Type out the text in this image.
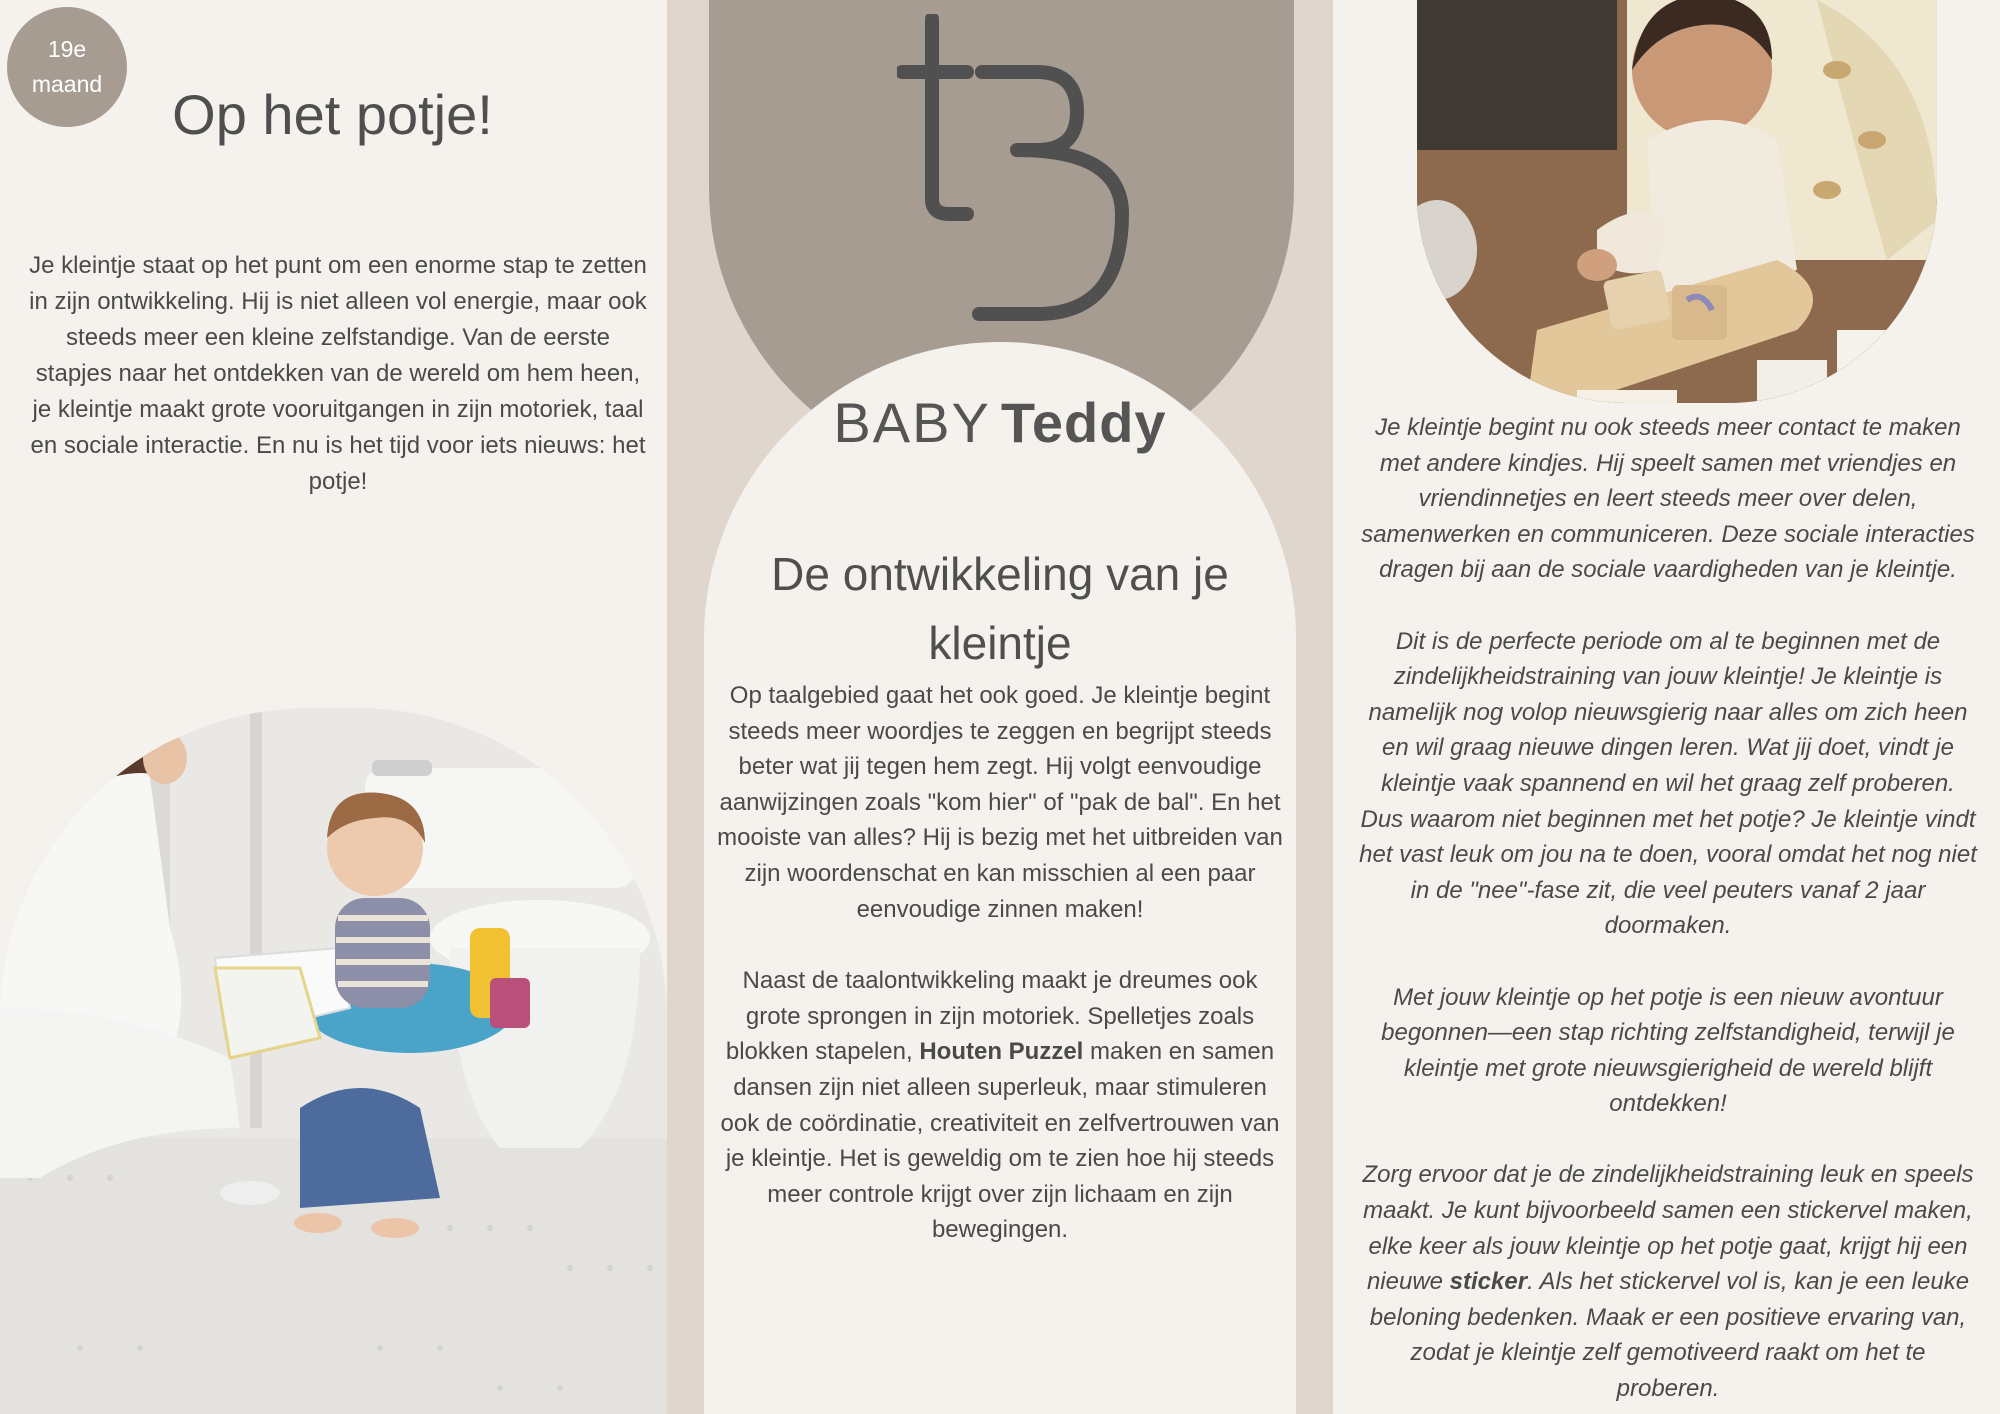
19e
maand	Op het potje!

Je kleintje staat op het punt om een enorme stap te zetten in zijn ontwikkeling. Hij is niet alleen vol energie, maar ook steeds meer een kleine zelfstandige. Van de eerste stapjes naar het ontdekken van de wereld om hem heen, je kleintje maakt grote vooruitgangen in zijn motoriek, taal en sociale interactie. En nu is het tijd voor iets nieuws: het potje!

BABY Teddy
De ontwikkeling van je kleintje

Op taalgebied gaat het ook goed. Je kleintje begint steeds meer woordjes te zeggen en begrijpt steeds beter wat jij tegen hem zegt. Hij volgt eenvoudige aanwijzingen zoals "kom hier" of "pak de bal". En het mooiste van alles? Hij is bezig met het uitbreiden van zijn woordenschat en kan misschien al een paar eenvoudige zinnen maken!

Naast de taalontwikkeling maakt je dreumes ook grote sprongen in zijn motoriek. Spelletjes zoals blokken stapelen, Houten Puzzel maken en samen dansen zijn niet alleen superleuk, maar stimuleren ook de coördinatie, creativiteit en zelfvertrouwen van je kleintje. Het is geweldig om te zien hoe hij steeds meer controle krijgt over zijn lichaam en zijn bewegingen.

Je kleintje begint nu ook steeds meer contact te maken met andere kindjes. Hij speelt samen met vriendjes en vriendinnetjes en leert steeds meer over delen, samenwerken en communiceren. Deze sociale interacties dragen bij aan de sociale vaardigheden van je kleintje.

Dit is de perfecte periode om al te beginnen met de zindelijkheidstraining van jouw kleintje! Je kleintje is namelijk nog volop nieuwsgierig naar alles om zich heen en wil graag nieuwe dingen leren. Wat jij doet, vindt je kleintje vaak spannend en wil het graag zelf proberen. Dus waarom niet beginnen met het potje? Je kleintje vindt het vast leuk om jou na te doen, vooral omdat het nog niet in de "nee"-fase zit, die veel peuters vanaf 2 jaar doormaken.

Met jouw kleintje op het potje is een nieuw avontuur begonnen—een stap richting zelfstandigheid, terwijl je kleintje met grote nieuwsgierigheid de wereld blijft ontdekken!

Zorg ervoor dat je de zindelijkheidstraining leuk en speels maakt. Je kunt bijvoorbeeld samen een stickervel maken, elke keer als jouw kleintje op het potje gaat, krijgt hij een nieuwe sticker. Als het stickervel vol is, kan je een leuke beloning bedenken. Maak er een positieve ervaring van, zodat je kleintje zelf gemotiveerd raakt om het te proberen.
